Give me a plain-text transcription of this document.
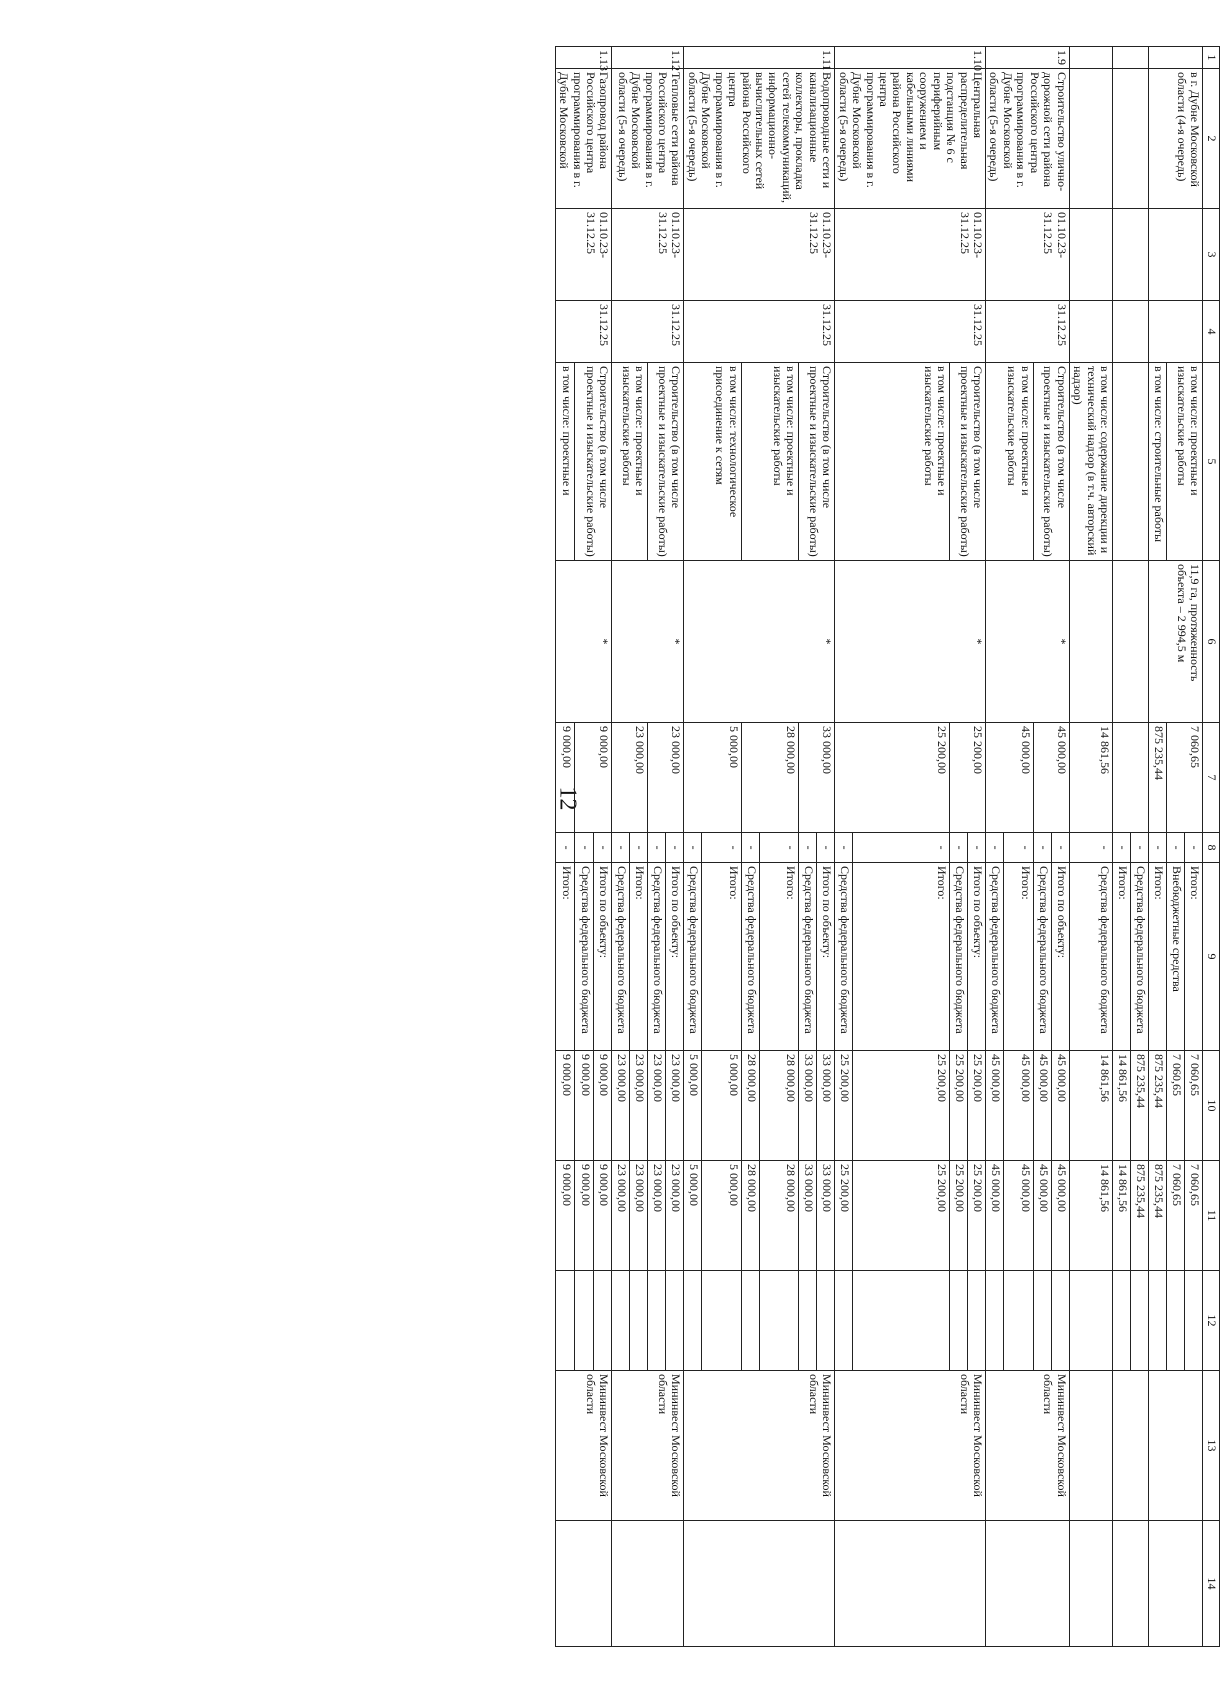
12
1	2	3	4	5	6	7	8	9	10	11	12	13	14
	в г. Дубне Московской области (4-я очередь)			в том числе: проектные и изыскательские работы	11,9 га, протяженность объекта – 2 994,5 м	7 060,65	-	Итого:	7 060,65	7 060,65			
							-	Внебюджетные средства	7 060,65	7 060,65			
				в том числе: строительные работы		875 235,44	-	Итого:	875 235,44	875 235,44			
							-	Средства федерального бюджета	875 235,44	875 235,44			
							-	Итого:	14 861,56	14 861,56			
				в том числе: содержание дирекции и технический надзор (в т.ч. авторский надзор)		14 861,56	-	Средства федерального бюджета	14 861,56	14 861,56			
1.9	Строительство улично-дорожной сети района Российского центра программирования в г. Дубне Московской области (5-я очередь)	01.10.23-31.12.25	31.12.25	Строительство (в том числе проектные и изыскательские работы)	*	45 000,00	-	Итого по объекту:	45 000,00	45 000,00		Мининвест Московской области	
							-	Средства федерального бюджета	45 000,00	45 000,00			
				в том числе: проектные и изыскательские работы		45 000,00	-	Итого:	45 000,00	45 000,00			
							-	Средства федерального бюджета	45 000,00	45 000,00			
1.10	Центральная распределительная подстанция № 6 с периферийным сооружением и кабельными линиями района Российского центра программирования в г. Дубне Московской области (5-я очередь)	01.10.23-31.12.25	31.12.25	Строительство (в том числе проектные и изыскательские работы)	*	25 200,00	-	Итого по объекту:	25 200,00	25 200,00		Мининвест Московской области	
							-	Средства федерального бюджета	25 200,00	25 200,00			
				в том числе: проектные и изыскательские работы		25 200,00	-	Итого:	25 200,00	25 200,00			
							-	Средства федерального бюджета	25 200,00	25 200,00			
1.11	Водопроводные сети и канализационные коллекторы, прокладка сетей телекоммуникаций, информационно-вычислительных сетей района Российского центра программирования в г. Дубне Московской области (5-я очередь)	01.10.23-31.12.25	31.12.25	Строительство (в том числе проектные и изыскательские работы)	*	33 000,00	-	Итого по объекту:	33 000,00	33 000,00		Мининвест Московской области	
							-	Средства федерального бюджета	33 000,00	33 000,00			
				в том числе: проектные и изыскательские работы		28 000,00	-	Итого:	28 000,00	28 000,00			
							-	Средства федерального бюджета	28 000,00	28 000,00			
				в том числе: технологическое присоединение к сетям		5 000,00	-	Итого:	5 000,00	5 000,00			
							-	Средства федерального бюджета	5 000,00	5 000,00			
1.12	Тепловые сети района Российского центра программирования в г. Дубне Московской области (5-я очередь)	01.10.23-31.12.25	31.12.25	Строительство (в том числе проектные и изыскательские работы)	*	23 000,00	-	Итого по объекту:	23 000,00	23 000,00		Мининвест Московской области	
							-	Средства федерального бюджета	23 000,00	23 000,00			
				в том числе: проектные и изыскательские работы		23 000,00	-	Итого:	23 000,00	23 000,00			
							-	Средства федерального бюджета	23 000,00	23 000,00			
1.13	Газопровод района Российского центра программирования в г. Дубне Московской	01.10.23-31.12.25	31.12.25	Строительство (в том числе проектные и изыскательские работы)	*	9 000,00	-	Итого по объекту:	9 000,00	9 000,00		Мининвест Московской области	
							-	Средства федерального бюджета	9 000,00	9 000,00			
				в том числе: проектные и		9 000,00	-	Итого:	9 000,00	9 000,00			
